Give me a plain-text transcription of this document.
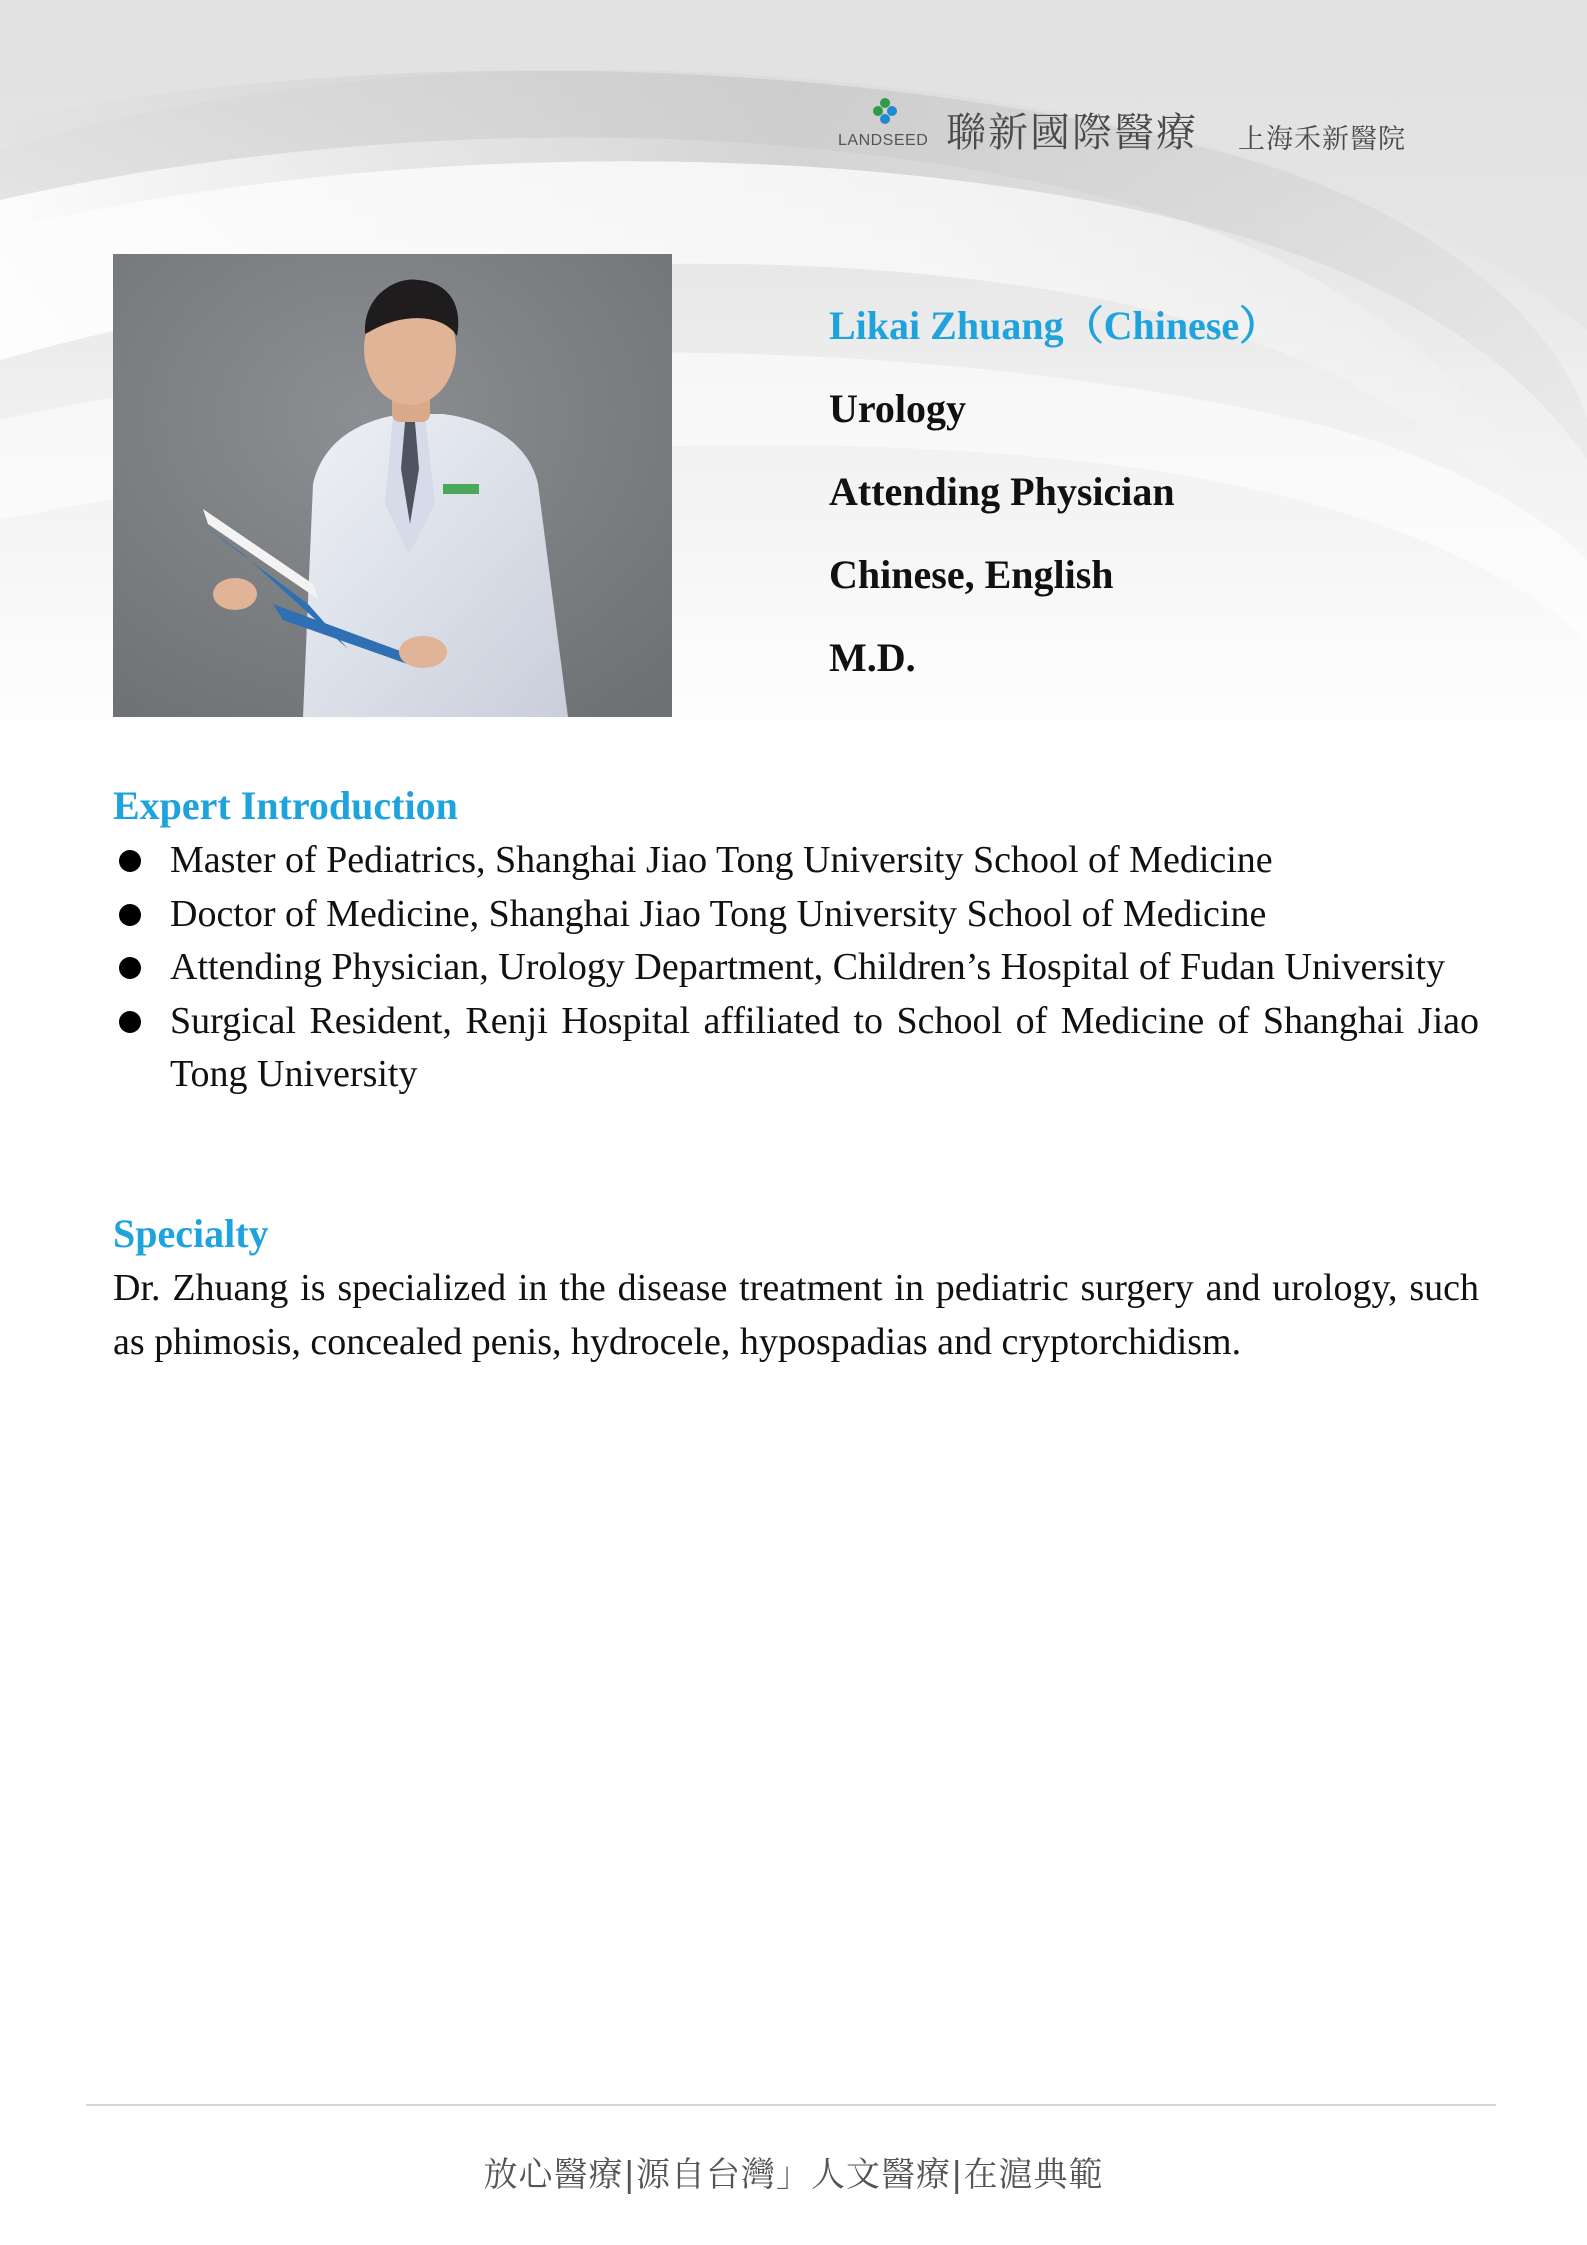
LANDSEED 聯新國際醫療 上海禾新醫院
Likai Zhuang（Chinese）
Urology
Attending Physician
Chinese, English
M.D.
Expert Introduction
Master of Pediatrics, Shanghai Jiao Tong University School of Medicine
Doctor of Medicine, Shanghai Jiao Tong University School of Medicine
Attending Physician, Urology Department, Children’s Hospital of Fudan University
Surgical Resident, Renji Hospital affiliated to School of Medicine of Shanghai Jiao Tong University
Specialty

Dr. Zhuang is specialized in the disease treatment in pediatric surgery and urology, such as phimosis, concealed penis, hydrocele, hypospadias and cryptorchidism.

放心醫療|源自台灣」人文醫療|在滬典範
